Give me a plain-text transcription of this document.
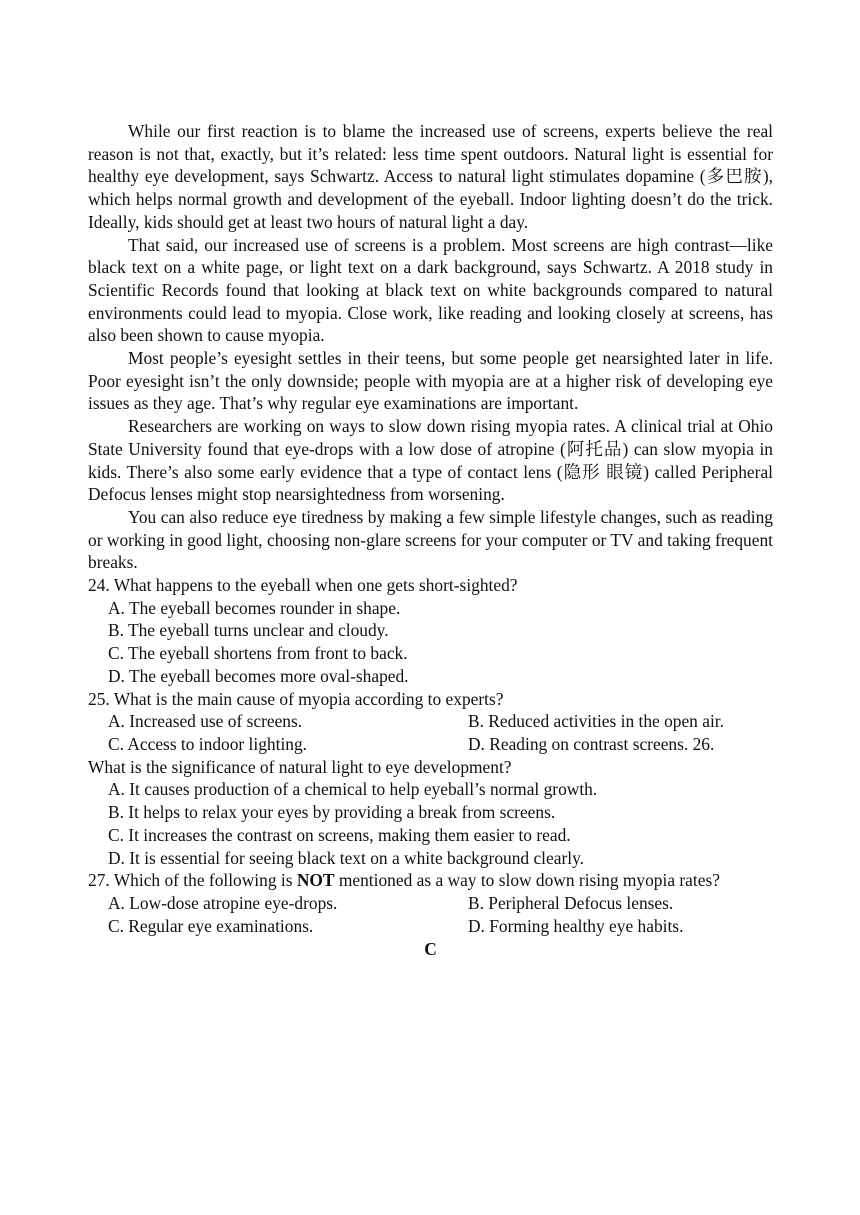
While our first reaction is to blame the increased use of screens, experts believe the real reason is not that, exactly, but it’s related: less time spent outdoors. Natural light is essential for healthy eye development, says Schwartz. Access to natural light stimulates dopamine (多巴胺), which helps normal growth and development of the eyeball. Indoor lighting doesn’t do the trick. Ideally, kids should get at least two hours of natural light a day.

That said, our increased use of screens is a problem. Most screens are high contrast—like black text on a white page, or light text on a dark background, says Schwartz. A 2018 study in Scientific Records found that looking at black text on white backgrounds compared to natural environments could lead to myopia. Close work, like reading and looking closely at screens, has also been shown to cause myopia.

Most people’s eyesight settles in their teens, but some people get nearsighted later in life. Poor eyesight isn’t the only downside; people with myopia are at a higher risk of developing eye issues as they age. That’s why regular eye examinations are important.

Researchers are working on ways to slow down rising myopia rates. A clinical trial at Ohio State University found that eye-drops with a low dose of atropine (阿托品) can slow myopia in kids. There’s also some early evidence that a type of contact lens (隐形 眼镜) called Peripheral Defocus lenses might stop nearsightedness from worsening.

You can also reduce eye tiredness by making a few simple lifestyle changes, such as reading or working in good light, choosing non-glare screens for your computer or TV and taking frequent breaks.

24. What happens to the eyeball when one gets short-sighted?

A. The eyeball becomes rounder in shape.

B. The eyeball turns unclear and cloudy.

C. The eyeball shortens from front to back.

D. The eyeball becomes more oval-shaped.

25. What is the main cause of myopia according to experts?

A. Increased use of screens.	B. Reduced activities in the open air.
C. Access to indoor lighting.	D. Reading on contrast screens. 26.

What is the significance of natural light to eye development?

A. It causes production of a chemical to help eyeball’s normal growth.

B. It helps to relax your eyes by providing a break from screens.

C. It increases the contrast on screens, making them easier to read.

D. It is essential for seeing black text on a white background clearly.

27. Which of the following is NOT mentioned as a way to slow down rising myopia rates?

A. Low-dose atropine eye-drops.	B. Peripheral Defocus lenses.
C. Regular eye examinations.	D. Forming healthy eye habits.
C
